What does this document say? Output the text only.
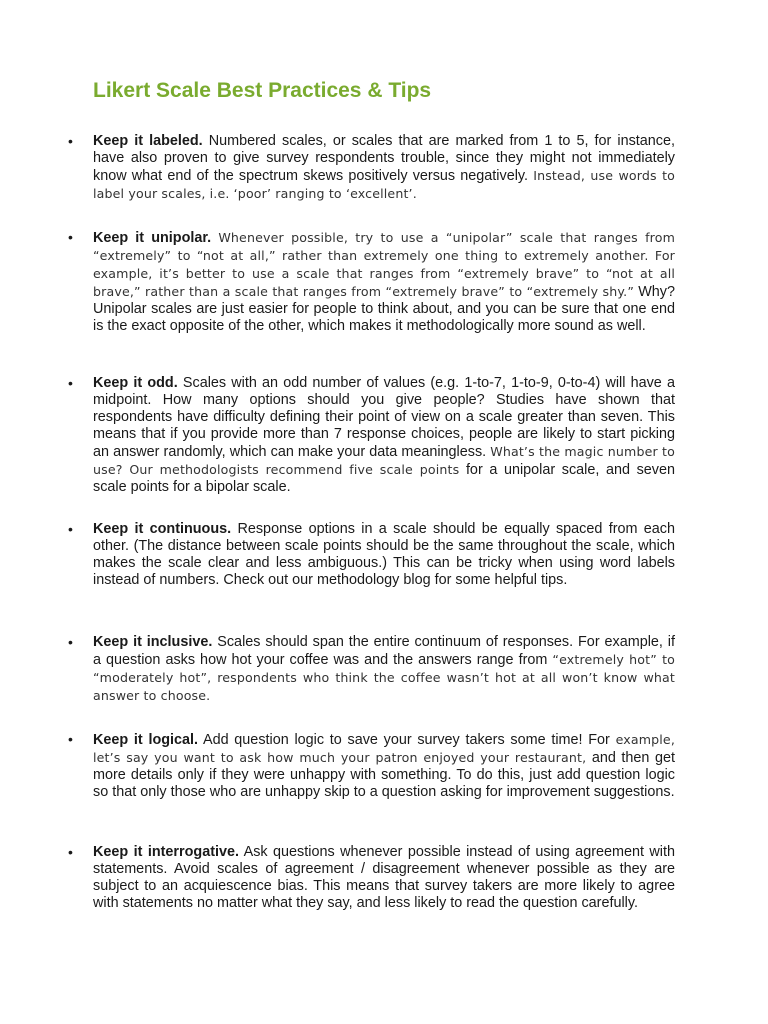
Likert Scale Best Practices & Tips
•	Keep it labeled. Numbered scales, or scales that are marked from 1 to 5, for instance, have also proven to give survey respondents trouble, since they might not immediately know what end of the spectrum skews positively versus negatively. Instead, use words to label your scales, i.e. ‘poor’ ranging to ‘excellent’.
•	Keep it unipolar. Whenever possible, try to use a “unipolar” scale that ranges from “extremely” to “not at all,” rather than extremely one thing to extremely another. For example, it’s better to use a scale that ranges from “extremely brave” to “not at all brave,” rather than a scale that ranges from “extremely brave” to “extremely shy.” Why? Unipolar scales are just easier for people to think about, and you can be sure that one end is the exact opposite of the other, which makes it methodologically more sound as well.
•	Keep it odd. Scales with an odd number of values (e.g. 1-to-7, 1-to-9, 0-to-4) will have a midpoint. How many options should you give people? Studies have shown that respondents have difficulty defining their point of view on a scale greater than seven. This means that if you provide more than 7 response choices, people are likely to start picking an answer randomly, which can make your data meaningless. What’s the magic number to use? Our methodologists recommend five scale points for a unipolar scale, and seven scale points for a bipolar scale.
•	Keep it continuous. Response options in a scale should be equally spaced from each other. (The distance between scale points should be the same throughout the scale, which makes the scale clear and less ambiguous.) This can be tricky when using word labels instead of numbers. Check out our methodology blog for some helpful tips.
•	Keep it inclusive. Scales should span the entire continuum of responses. For example, if a question asks how hot your coffee was and the answers range from “extremely hot” to “moderately hot”, respondents who think the coffee wasn’t hot at all won’t know what answer to choose.
•	Keep it logical. Add question logic to save your survey takers some time! For example, let’s say you want to ask how much your patron enjoyed your restaurant, and then get more details only if they were unhappy with something. To do this, just add question logic so that only those who are unhappy skip to a question asking for improvement suggestions.
•	Keep it interrogative. Ask questions whenever possible instead of using agreement with statements. Avoid scales of agreement / disagreement whenever possible as they are subject to an acquiescence bias. This means that survey takers are more likely to agree with statements no matter what they say, and less likely to read the question carefully.
